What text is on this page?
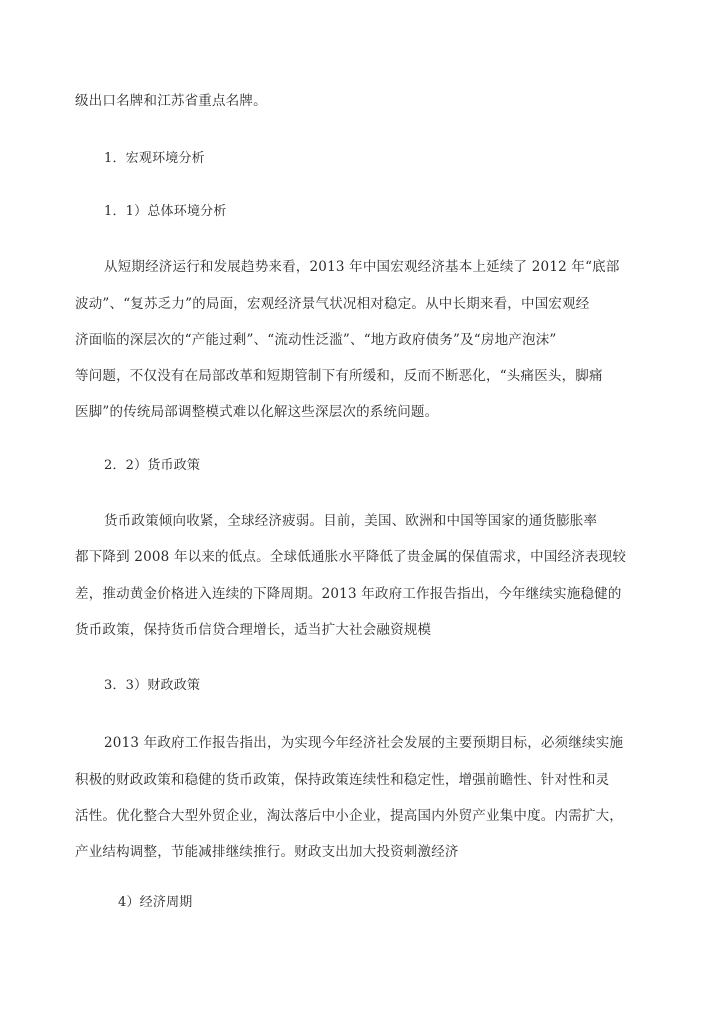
级出口名牌和江苏省重点名牌。
1．宏观环境分析
1．1）总体环境分析
从短期经济运行和发展趋势来看，2013 年中国宏观经济基本上延续了 2012 年“底部
波动”、“复苏乏力”的局面，宏观经济景气状况相对稳定。从中长期来看，中国宏观经
济面临的深层次的“产能过剩”、“流动性泛滥”、“地方政府债务”及“房地产泡沫”
等问题，不仅没有在局部改革和短期管制下有所缓和，反而不断恶化，“头痛医头，脚痛
医脚”的传统局部调整模式难以化解这些深层次的系统问题。
2．2）货币政策
货币政策倾向收紧，全球经济疲弱。目前，美国、欧洲和中国等国家的通货膨胀率
都下降到 2008 年以来的低点。全球低通胀水平降低了贵金属的保值需求，中国经济表现较
差，推动黄金价格进入连续的下降周期。2013 年政府工作报告指出，今年继续实施稳健的
货币政策，保持货币信贷合理增长，适当扩大社会融资规模
3．3）财政政策
2013 年政府工作报告指出，为实现今年经济社会发展的主要预期目标，必须继续实施
积极的财政政策和稳健的货币政策，保持政策连续性和稳定性，增强前瞻性、针对性和灵
活性。优化整合大型外贸企业，淘汰落后中小企业，提高国内外贸产业集中度。内需扩大，
产业结构调整，节能减排继续推行。财政支出加大投资刺激经济
4）经济周期
